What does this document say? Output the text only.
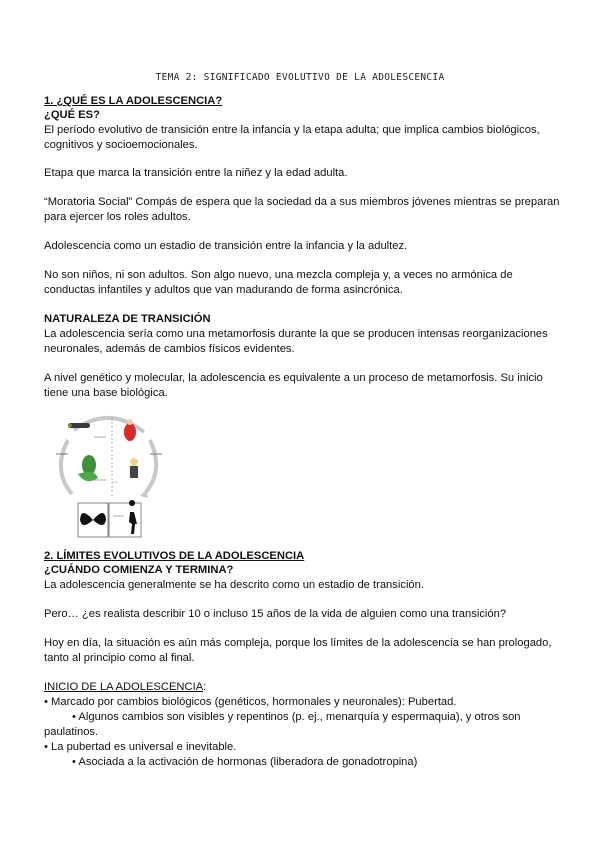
TEMA 2: SIGNIFICADO EVOLUTIVO DE LA ADOLESCENCIA
1. ¿QUÉ ES LA ADOLESCENCIA?
¿QUÉ ES?
El período evolutivo de transición entre la infancia y la etapa adulta; que implica cambios biológicos,
cognitivos y socioemocionales.
Etapa que marca la transición entre la niñez y la edad adulta.
“Moratoria Social” Compás de espera que la sociedad da a sus miembros jóvenes mientras se preparan
para ejercer los roles adultos.
Adolescencia como un estadio de transición entre la infancia y la adultez.
No son niños, ni son adultos. Son algo nuevo, una mezcla compleja y, a veces no armónica de
conductas infantiles y adultos que van madurando de forma asincrónica.
NATURALEZA DE TRANSICIÓN
La adolescencia sería como una metamorfosis durante la que se producen intensas reorganizaciones
neuronales, además de cambios físicos evidentes.
A nivel genético y molecular, la adolescencia es equivalente a un proceso de metamorfosis. Su inicio
tiene una base biológica.
2. LÍMITES EVOLUTIVOS DE LA ADOLESCENCIA
¿CUÁNDO COMIENZA Y TERMINA?
La adolescencia generalmente se ha descrito como un estadio de transición.
Pero… ¿es realista describir 10 o incluso 15 años de la vida de alguien como una transición?
Hoy en día, la situación es aún más compleja, porque los límites de la adolescencia se han prologado,
tanto al principio como al final.
INICIO DE LA ADOLESCENCIA:
• Marcado por cambios biológicos (genéticos, hormonales y neuronales): Pubertad.
• Algunos cambios son visibles y repentinos (p. ej., menarquía y espermaquia), y otros son
paulatinos.
• La pubertad es universal e inevitable.
• Asociada a la activación de hormonas (liberadora de gonadotropina)
